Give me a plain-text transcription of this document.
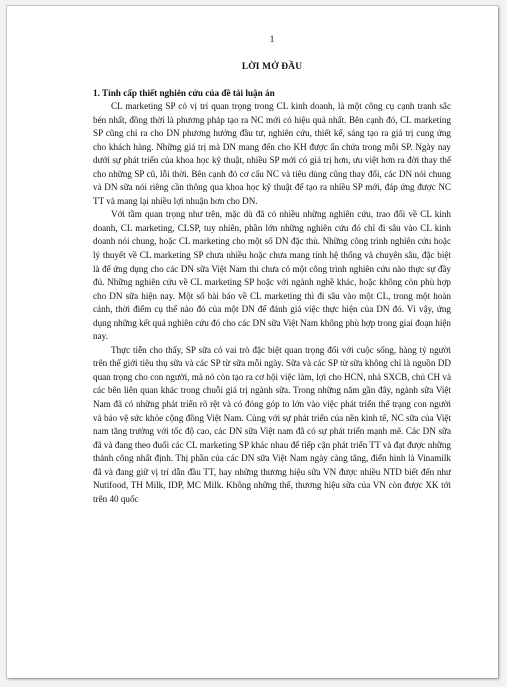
1
LỜI MỞ ĐẦU
1. Tính cấp thiết nghiên cứu của đề tài luận án

CL marketing SP có vị trí quan trọng trong CL kinh doanh, là một công cụ cạnh tranh sắc bén nhất, đồng thời là phương pháp tạo ra NC mới có hiệu quả nhất. Bên cạnh đó, CL marketing SP cũng chỉ ra cho DN phương hướng đầu tư, nghiên cứu, thiết kế, sáng tạo ra giá trị cung ứng cho khách hàng. Những giá trị mà DN mang đến cho KH được ẩn chứa trong mỗi SP. Ngày nay dưới sự phát triển của khoa học kỹ thuật, nhiều SP mới có giá trị hơn, ưu việt hơn ra đời thay thế cho những SP cũ, lỗi thời. Bên cạnh đó cơ cấu NC và tiêu dùng cũng thay đổi, các DN nói chung và DN sữa nói riêng cần thông qua khoa học kỹ thuật để tạo ra nhiều SP mới, đáp ứng được NC TT và mang lại nhiều lợi nhuận hơn cho DN.

Với tầm quan trọng như trên, mặc dù đã có nhiều những nghiên cứu, trao đổi về CL kinh doanh, CL marketing, CLSP, tuy nhiên, phần lớn những nghiên cứu đó chỉ đi sâu vào CL kinh doanh nói chung, hoặc CL marketing cho một số DN đặc thù. Những công trình nghiên cứu hoặc lý thuyết về CL marketing SP chưa nhiều hoặc chưa mang tính hệ thống và chuyên sâu, đặc biệt là để ứng dụng cho các DN sữa Việt Nam thì chưa có một công trình nghiên cứu nào thực sự đầy đủ. Những nghiên cứu về CL marketing SP hoặc với ngành nghề khác, hoặc không còn phù hợp cho DN sữa hiện nay. Một số bài báo về CL marketing thì đi sâu vào một CL, trong một hoàn cảnh, thời điểm cụ thể nào đó của một DN để đánh giá việc thực hiện của DN đó. Vì vậy, ứng dụng những kết quả nghiên cứu đó cho các DN sữa Việt Nam không phù hợp trong giai đoạn hiện nay.

Thực tiễn cho thấy, SP sữa có vai trò đặc biệt quan trọng đối với cuộc sống, hàng tỷ người trên thế giới tiêu thụ sữa và các SP từ sữa mỗi ngày. Sữa và các SP từ sữa không chỉ là nguồn DD quan trọng cho con người, mà nó còn tạo ra cơ hội việc làm, lợi cho HCN, nhà SXCB, chủ CH và các bên liên quan khác trong chuỗi giá trị ngành sữa. Trong những năm gần đây, ngành sữa Việt Nam đã có những phát triển rõ rệt và có đóng góp to lớn vào việc phát triển thể trạng con người và bảo vệ sức khỏe cộng đồng Việt Nam. Cùng với sự phát triển của nền kinh tế, NC sữa của Việt nam tăng trưởng với tốc độ cao, các DN sữa Việt nam đã có sự phát triển mạnh mẽ. Các DN sữa đã và đang theo đuổi các CL marketing SP khác nhau để tiếp cận phát triển TT và đạt được những thành công nhất định. Thị phần của các DN sữa Việt Nam ngày càng tăng, điển hình là Vinamilk đã và đang giữ vị trí dẫn đầu TT, hay những thương hiệu sữa VN được nhiều NTD biết đến như Nutifood, TH Milk, IDP, MC Milk. Không những thế, thương hiệu sữa của VN còn được XK tới trên 40 quốc
